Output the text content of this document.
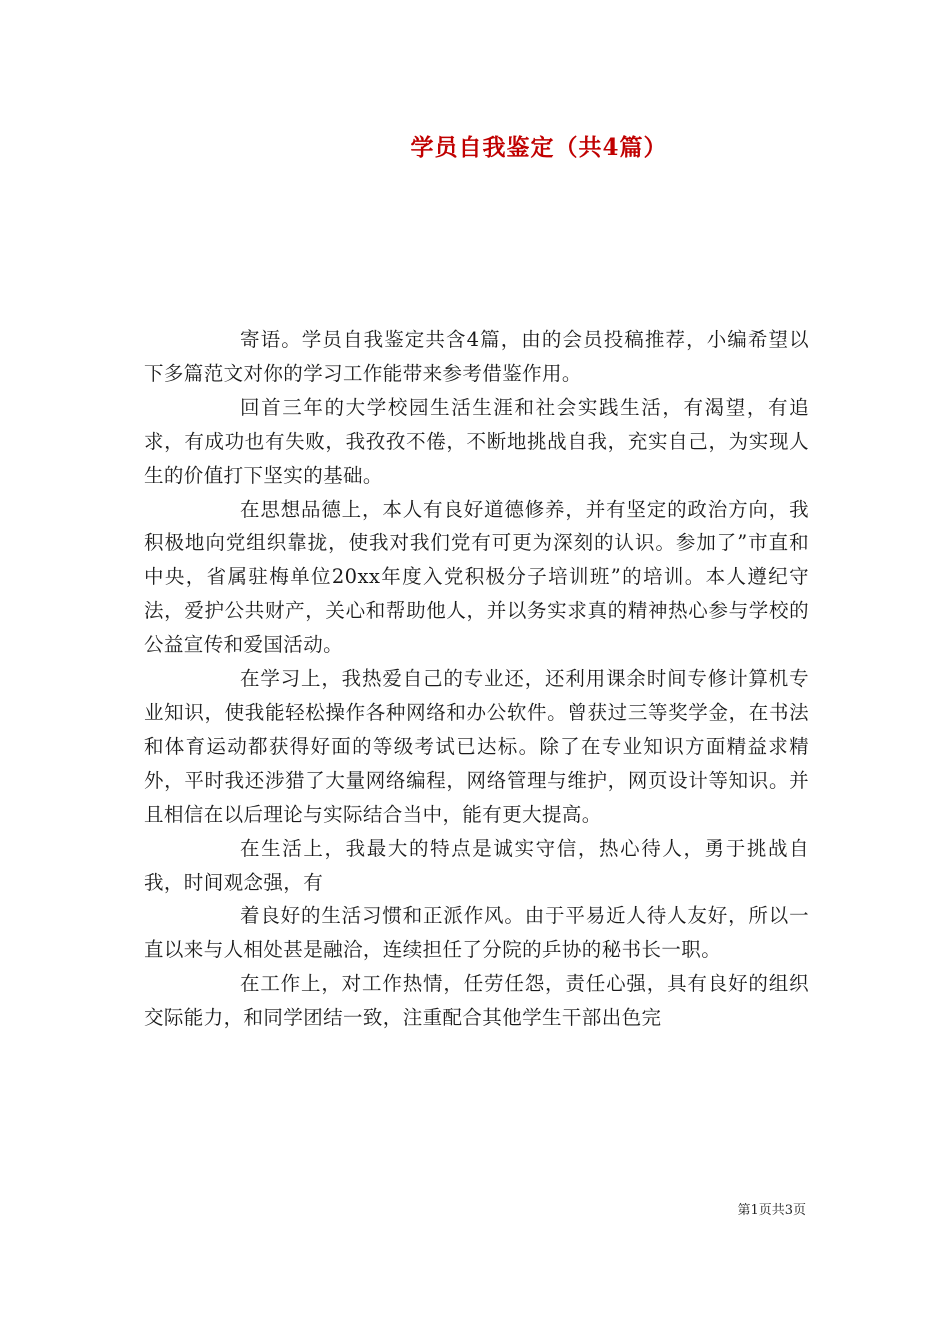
学员自我鉴定（共4篇）

寄语。学员自我鉴定共含4篇，由的会员投稿推荐，小编希望以下多篇范文对你的学习工作能带来参考借鉴作用。

回首三年的大学校园生活生涯和社会实践生活，有渴望，有追求，有成功也有失败，我孜孜不倦，不断地挑战自我，充实自己，为实现人生的价值打下坚实的基础。

在思想品德上，本人有良好道德修养，并有坚定的政治方向，我积极地向党组织靠拢，使我对我们党有可更为深刻的认识。参加了”市直和中央，省属驻梅单位20xx年度入党积极分子培训班”的培训。本人遵纪守法，爱护公共财产，关心和帮助他人，并以务实求真的精神热心参与学校的公益宣传和爱国活动。

在学习上，我热爱自己的专业还，还利用课余时间专修计算机专业知识，使我能轻松操作各种网络和办公软件。曾获过三等奖学金，在书法和体育运动都获得好面的等级考试已达标。除了在专业知识方面精益求精外，平时我还涉猎了大量网络编程，网络管理与维护，网页设计等知识。并且相信在以后理论与实际结合当中，能有更大提高。

在生活上，我最大的特点是诚实守信，热心待人，勇于挑战自我，时间观念强，有

着良好的生活习惯和正派作风。由于平易近人待人友好，所以一直以来与人相处甚是融洽，连续担任了分院的乒协的秘书长一职。

在工作上，对工作热情，任劳任怨，责任心强，具有良好的组织交际能力，和同学团结一致，注重配合其他学生干部出色完

第1页共3页
